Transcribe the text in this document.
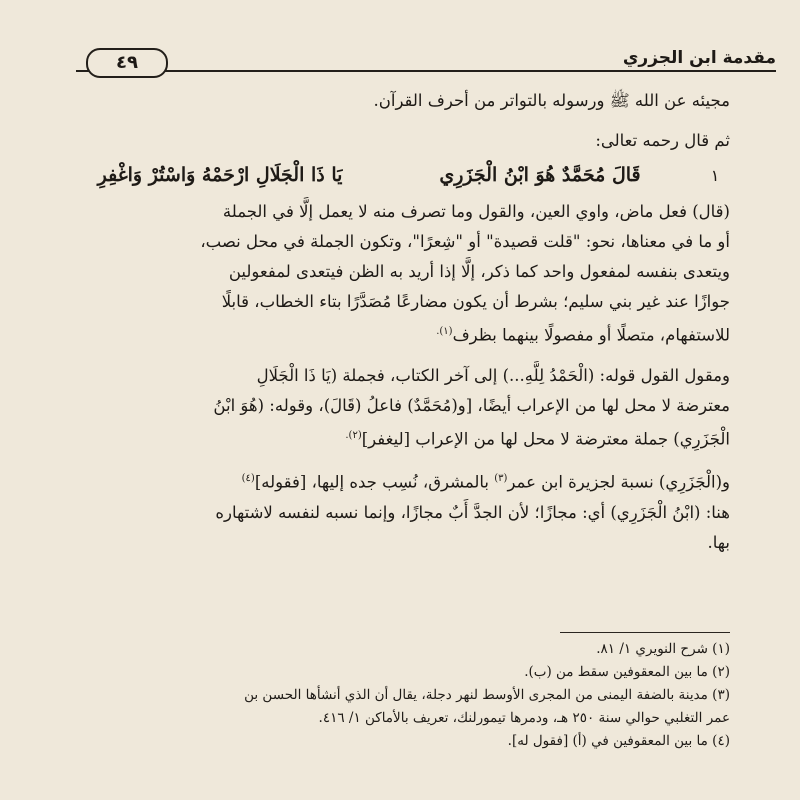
٤٩	مقدمة ابن الجزري
مجيئه عن الله ﷺ ورسوله بالتواتر من أحرف القرآن.
ثم قال رحمه تعالى:
١
قَالَ مُحَمَّدٌ هُوَ ابْنُ الْجَزَرِي
يَا ذَا الْجَلَالِ ارْحَمْهُ وَاسْتُرْ وَاغْفِرِ
(قال) فعل ماض، واوي العين، والقول وما تصرف منه لا يعمل إلَّا في الجملة
أو ما في معناها، نحو: "قلت قصيدة" أو "شِعرًا"، وتكون الجملة في محل نصب،
ويتعدى بنفسه لمفعول واحد كما ذكر، إلَّا إذا أريد به الظن فيتعدى لمفعولين
جوازًا عند غير بني سليم؛ بشرط أن يكون مضارعًا مُصَدَّرًا بتاء الخطاب، قابلًا
للاستفهام، متصلًا أو مفصولًا بينهما بظرف$^{(١).}$
ومقول القول قوله: (الْحَمْدُ لِلَّهِ...) إلى آخر الكتاب، فجملة (يَا ذَا الْجَلَالِ
معترضة لا محل لها من الإعراب أيضًا، [و(مُحَمَّدٌ) فاعلُ (قَالَ)، وقوله: (هُوَ ابْنُ
الْجَزَرِي) جملة معترضة لا محل لها من الإعراب [ليغفر]$^{(٢).}$
و(الْجَزَرِي) نسبة لجزيرة ابن عمر$^{(٣)}$ بالمشرق، نُسِب جده إليها، [فقوله]$^{(٤)}$
هنا: (ابْنُ الْجَزَرِي) أي: مجازًا؛ لأن الجدَّ أَبٌ مجازًا، وإنما نسبه لنفسه لاشتهاره
بها.
(١) شرح النويري ١/ ٨١.
(٢) ما بين المعقوفين سقط من (ب).
(٣) مدينة بالضفة اليمنى من المجرى الأوسط لنهر دجلة، يقال أن الذي أنشأها الحسن بن
عمر التغلبي حوالي سنة ٢٥٠ هـ، ودمرها تيمورلنك، تعريف بالأماكن ١/ ٤١٦.
(٤) ما بين المعقوفين في (أ) [فقول له].
